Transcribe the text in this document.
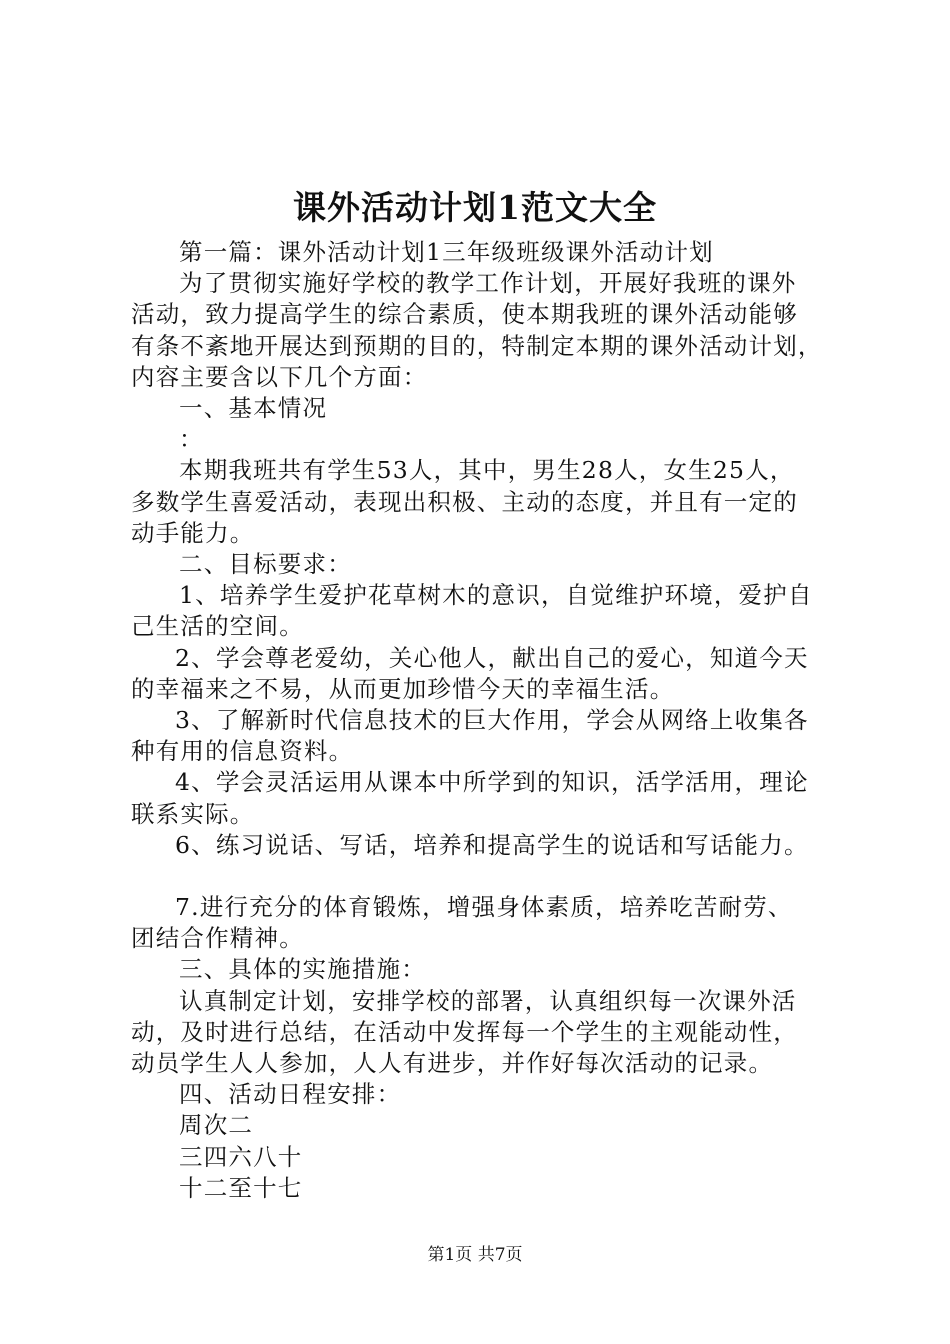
课外活动计划1范文大全

第一篇：课外活动计划1三年级班级课外活动计划

为了贯彻实施好学校的教学工作计划，开展好我班的课外

活动，致力提高学生的综合素质，使本期我班的课外活动能够

有条不紊地开展达到预期的目的，特制定本期的课外活动计划，

内容主要含以下几个方面：

一、基本情况

：

本期我班共有学生53人，其中，男生28人，女生25人，

多数学生喜爱活动，表现出积极、主动的态度，并且有一定的

动手能力。

二、目标要求：

1、培养学生爱护花草树木的意识，自觉维护环境，爱护自

己生活的空间。

2、学会尊老爱幼，关心他人，献出自己的爱心，知道今天

的幸福来之不易，从而更加珍惜今天的幸福生活。

3、了解新时代信息技术的巨大作用，学会从网络上收集各

种有用的信息资料。

4、学会灵活运用从课本中所学到的知识，活学活用，理论

联系实际。

6、练习说话、写话，培养和提高学生的说话和写话能力。

7.进行充分的体育锻炼，增强身体素质，培养吃苦耐劳、

团结合作精神。

三、具体的实施措施：

认真制定计划，安排学校的部署，认真组织每一次课外活

动，及时进行总结，在活动中发挥每一个学生的主观能动性，

动员学生人人参加，人人有进步，并作好每次活动的记录。

四、活动日程安排：

周次二

三四六八十

十二至十七

第1页 共7页
